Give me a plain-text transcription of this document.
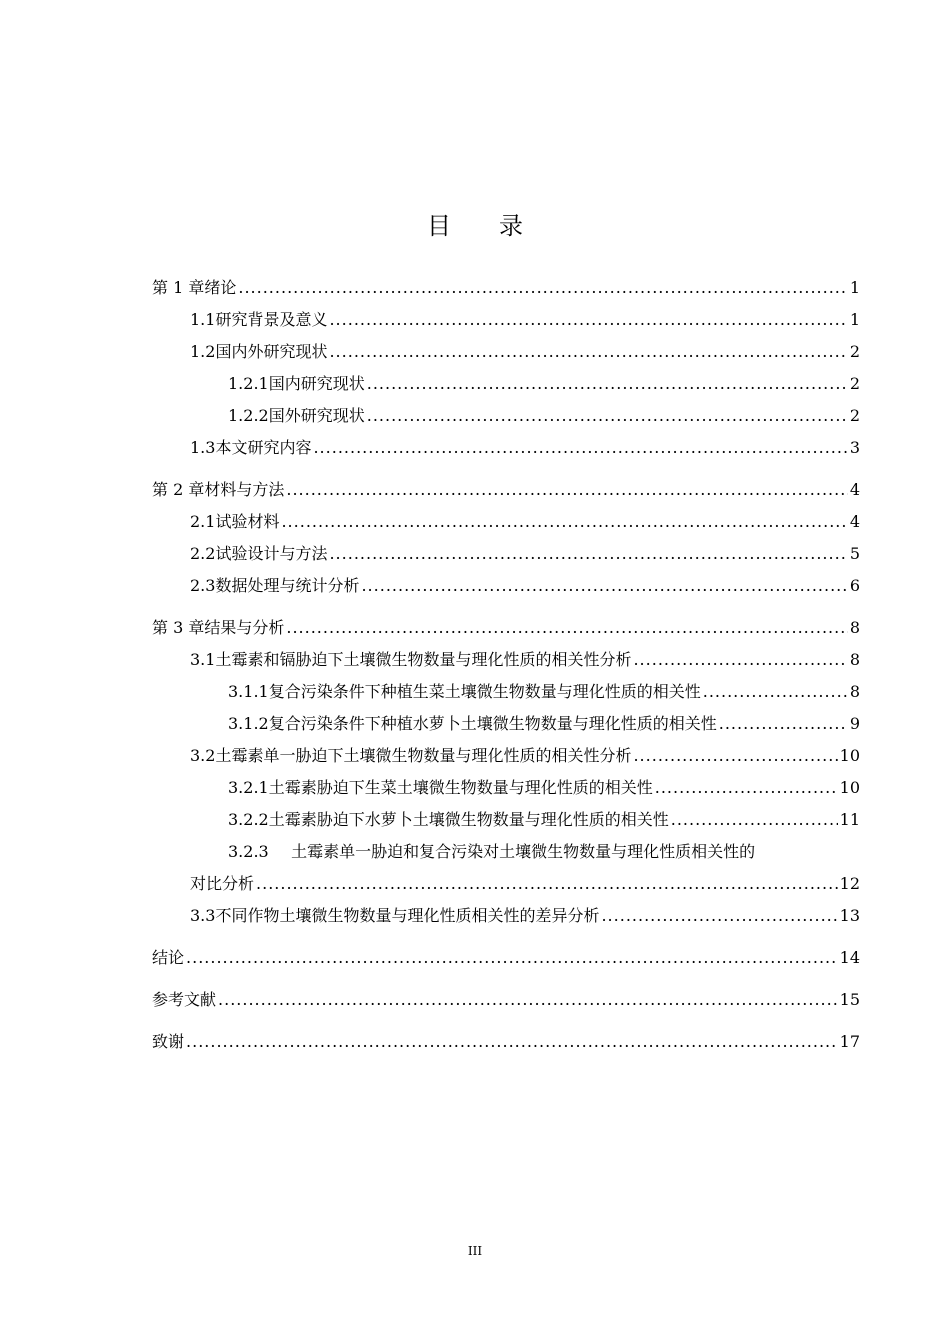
目 录
第 1 章 绪论 .....	1
1.1 研究背景及意义 .....	1
1.2 国内外研究现状 .....	2
1.2.1 国内研究现状 .....	2
1.2.2 国外研究现状 .....	2
1.3 本文研究内容 .....	3
第 2 章 材料与方法 .....	4
2.1 试验材料 .....	4
2.2 试验设计与方法 .....	5
2.3 数据处理与统计分析 .....	6
第 3 章 结果与分析 .....	8
3.1 土霉素和镉胁迫下土壤微生物数量与理化性质的相关性分析 .....	8
3.1.1 复合污染条件下种植生菜土壤微生物数量与理化性质的相关性 .....	8
3.1.2 复合污染条件下种植水萝卜土壤微生物数量与理化性质的相关性 .....	9
3.2 土霉素单一胁迫下土壤微生物数量与理化性质的相关性分析 .....	10
3.2.1 土霉素胁迫下生菜土壤微生物数量与理化性质的相关性 .....	10
3.2.2 土霉素胁迫下水萝卜土壤微生物数量与理化性质的相关性 .....	11
3.2.3 土霉素单一胁迫和复合污染对土壤微生物数量与理化性质相关性的
对比分析 .....	12
3.3 不同作物土壤微生物数量与理化性质相关性的差异分析 .....	13
结论 .....	14
参考文献 .....	15
致谢 .....	17
III
